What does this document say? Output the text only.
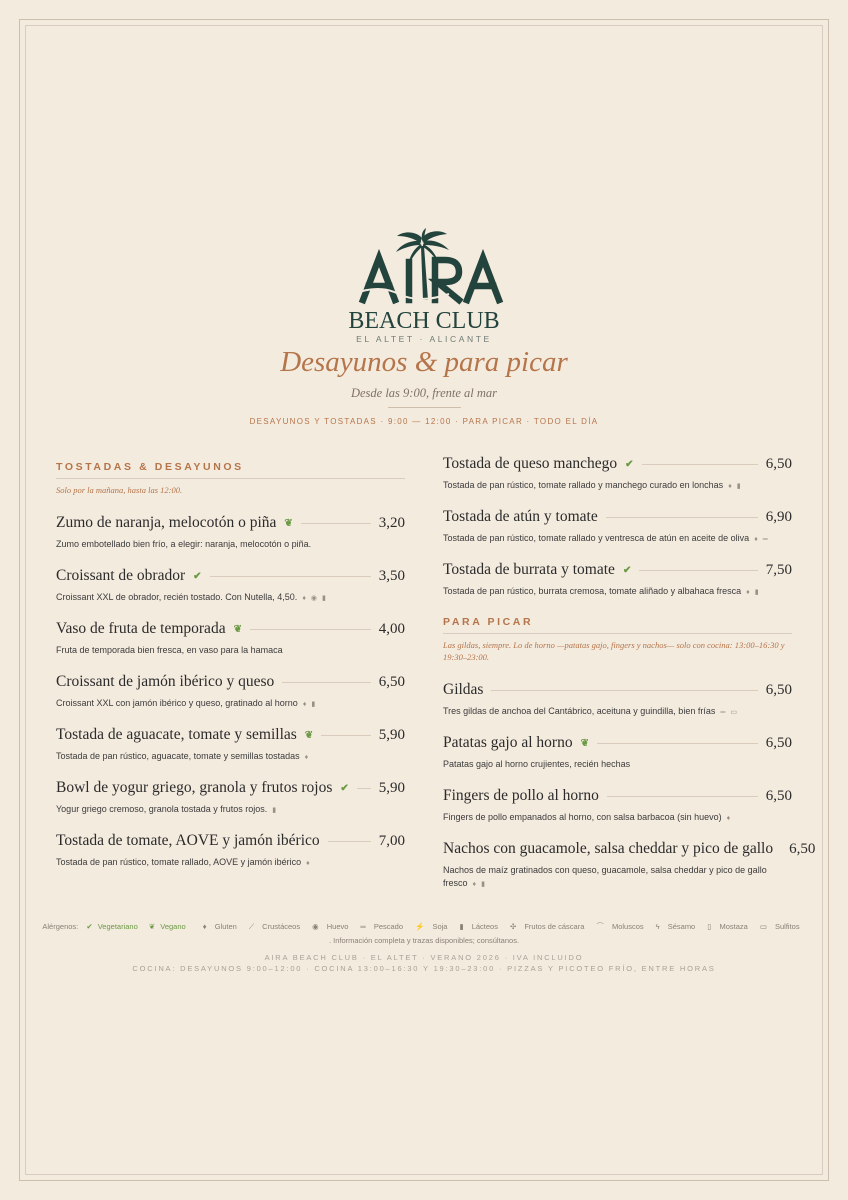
BEACH CLUB
EL ALTET · ALICANTE
Desayunos & para picar
Desde las 9:00, frente al mar
DESAYUNOS Y TOSTADAS · 9:00 — 12:00 · PARA PICAR · TODO EL DÍA
TOSTADAS & DESAYUNOS
Solo por la mañana, hasta las 12:00.
Zumo de naranja, melocotón o piña ❦	3,20
Zumo embotellado bien frío, a elegir: naranja, melocotón o piña.
Croissant de obrador ✔	3,50
Croissant XXL de obrador, recién tostado. Con Nutella, 4,50. ♦ ◉ ▮
Vaso de fruta de temporada ❦	4,00
Fruta de temporada bien fresca, en vaso para la hamaca
Croissant de jamón ibérico y queso	6,50
Croissant XXL con jamón ibérico y queso, gratinado al horno ♦ ▮
Tostada de aguacate, tomate y semillas ❦	5,90
Tostada de pan rústico, aguacate, tomate y semillas tostadas ♦
Bowl de yogur griego, granola y frutos rojos ✔ 5,90
Yogur griego cremoso, granola tostada y frutos rojos. ▮
Tostada de tomate, AOVE y jamón ibérico	7,00
Tostada de pan rústico, tomate rallado, AOVE y jamón ibérico ♦
Tostada de queso manchego ✔	6,50
Tostada de pan rústico, tomate rallado y manchego curado en lonchas ♦ ▮
Tostada de atún y tomate	6,90
Tostada de pan rústico, tomate rallado y ventresca de atún en aceite de oliva ♦ ═
Tostada de burrata y tomate ✔	7,50
Tostada de pan rústico, burrata cremosa, tomate aliñado y albahaca fresca ♦ ▮
PARA PICAR
Las gildas, siempre. Lo de horno —patatas gajo, fingers y nachos— solo con cocina: 13:00–16:30 y 19:30–23:00.
Gildas	6,50
Tres gildas de anchoa del Cantábrico, aceituna y guindilla, bien frías ═ ▭
Patatas gajo al horno ❦	6,50
Patatas gajo al horno crujientes, recién hechas
Fingers de pollo al horno	6,50
Fingers de pollo empanados al horno, con salsa barbacoa (sin huevo) ♦
Nachos con guacamole, salsa cheddar y pico de gallo 6,50
Nachos de maíz gratinados con queso, guacamole, salsa cheddar y pico de gallo fresco ♦ ▮
Alérgenos: ✔ Vegetariano ❦ Vegano ♦ Gluten ⟋ Crustáceos ◉ Huevo ═ Pescado ⚡ Soja ▮ Lácteos ✣ Frutos de cáscara ⌒ Moluscos ϟ Sésamo ▯ Mostaza ▭ Sulfitos
. Información completa y trazas disponibles; consúltanos.
AIRA BEACH CLUB · EL ALTET · VERANO 2026 · IVA INCLUIDO
COCINA: DESAYUNOS 9:00–12:00 · COCINA 13:00–16:30 Y 19:30–23:00 · PIZZAS Y PICOTEO FRÍO, ENTRE HORAS
